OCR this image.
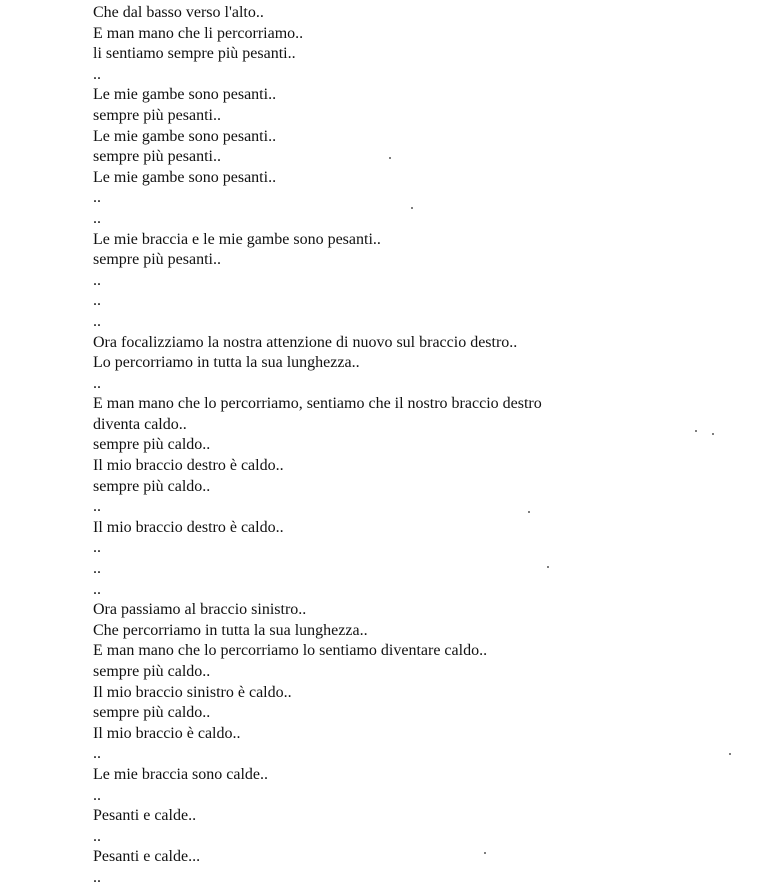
Che dal basso verso l'alto..
E man mano che li percorriamo..
li sentiamo sempre più pesanti..
..
Le mie gambe sono pesanti..
sempre più pesanti..
Le mie gambe sono pesanti..
sempre più pesanti..
Le mie gambe sono pesanti..
..
..
Le mie braccia e le mie gambe sono pesanti..
sempre più pesanti..
..
..
..
Ora focalizziamo la nostra attenzione di nuovo sul braccio destro..
Lo percorriamo in tutta la sua lunghezza..
..
E man mano che lo percorriamo, sentiamo che il nostro braccio destro
diventa caldo..
sempre più caldo..
Il mio braccio destro è caldo..
sempre più caldo..
..
Il mio braccio destro è caldo..
..
..
..
Ora passiamo al braccio sinistro..
Che percorriamo in tutta la sua lunghezza..
E man mano che lo percorriamo lo sentiamo diventare caldo..
sempre più caldo..
Il mio braccio sinistro è caldo..
sempre più caldo..
Il mio braccio è caldo..
..
Le mie braccia sono calde..
..
Pesanti e calde..
..
Pesanti e calde...
..
